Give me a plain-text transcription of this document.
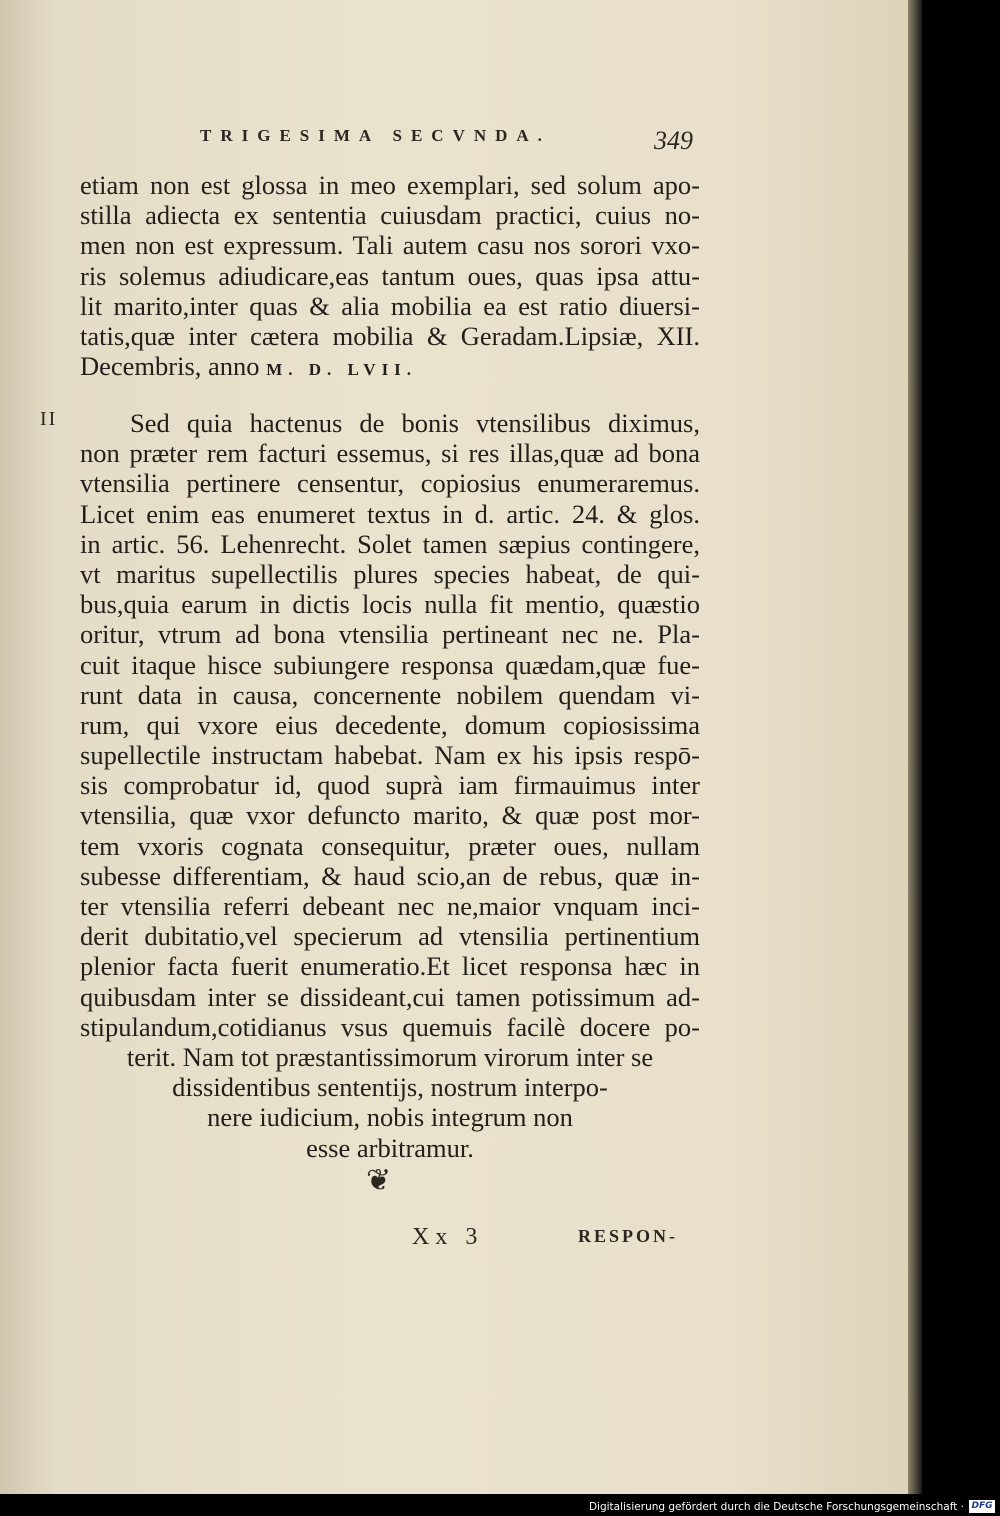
TRIGESIMA SECVNDA.	349
etiam non est glossa in meo exemplari, sed solum apo-
stilla adiecta ex sententia cuiusdam practici, cuius no-
men non est expressum. Tali autem casu nos sorori vxo-
ris solemus adiudicare,eas tantum oues, quas ipsa attu-
lit marito,inter quas & alia mobilia ea est ratio diuersi-
tatis,quæ inter cætera mobilia & Geradam.Lipsiæ, XII.
Decembris, anno M. D. LVII.
II	Sed quia hactenus de bonis vtensilibus diximus,
non præter rem facturi essemus, si res illas,quæ ad bona
vtensilia pertinere censentur, copiosius enumeraremus.
Licet enim eas enumeret textus in d. artic. 24. & glos.
in artic. 56. Lehenrecht. Solet tamen sæpius contingere,
vt maritus supellectilis plures species habeat, de qui-
bus,quia earum in dictis locis nulla fit mentio, quæstio
oritur, vtrum ad bona vtensilia pertineant nec ne. Pla-
cuit itaque hisce subiungere responsa quædam,quæ fue-
runt data in causa, concernente nobilem quendam vi-
rum, qui vxore eius decedente, domum copiosissima
supellectile instructam habebat. Nam ex his ipsis respō-
sis comprobatur id, quod suprà iam firmauimus inter
vtensilia, quæ vxor defuncto marito, & quæ post mor-
tem vxoris cognata consequitur, præter oues, nullam
subesse differentiam, & haud scio,an de rebus, quæ in-
ter vtensilia referri debeant nec ne,maior vnquam inci-
derit dubitatio,vel specierum ad vtensilia pertinentium
plenior facta fuerit enumeratio.Et licet responsa hæc in
quibusdam inter se dissideant,cui tamen potissimum ad-
stipulandum,cotidianus vsus quemuis facilè docere po-
terit. Nam tot præstantissimorum virorum inter se
dissidentibus sententijs, nostrum interpo-
nere iudicium, nobis integrum non
esse arbitramur.
❦
Xx 3	RESPON-
Digitalisierung gefördert durch die Deutsche Forschungsgemeinschaft · DFG
